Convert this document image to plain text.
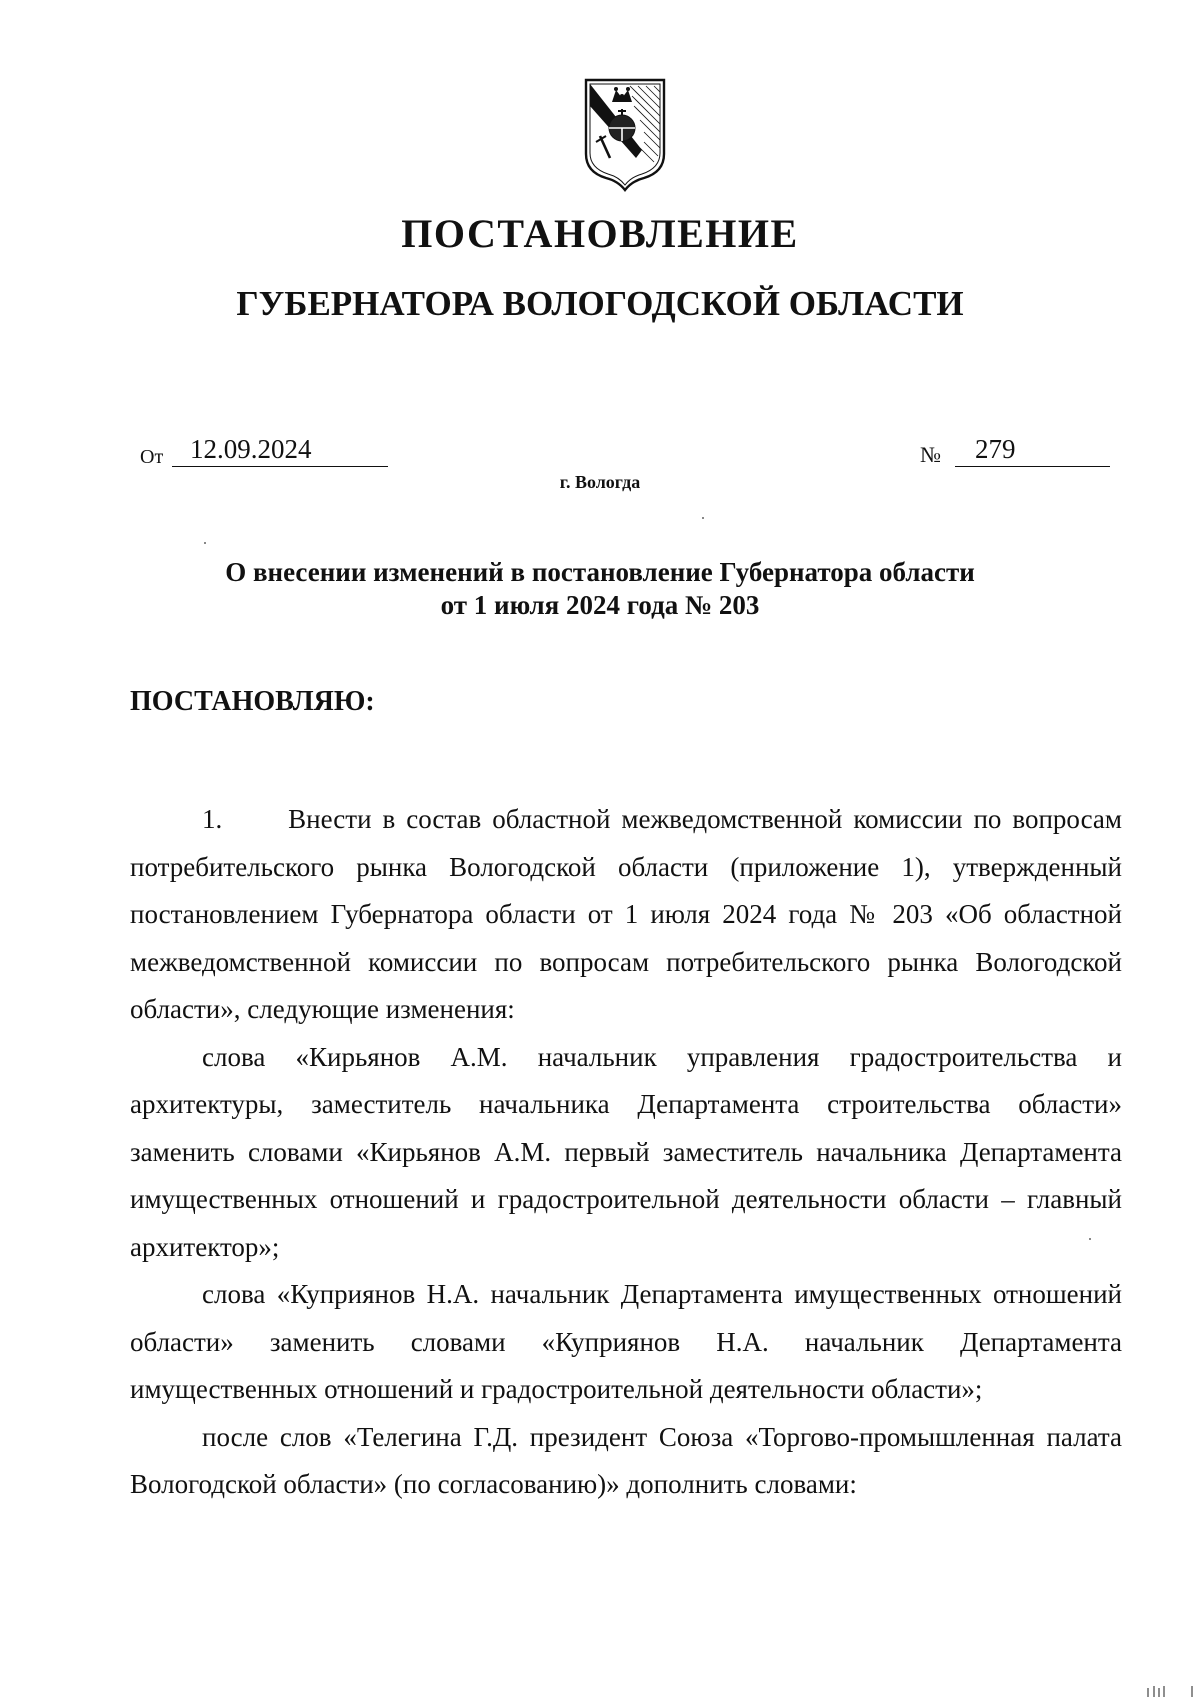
ПОСТАНОВЛЕНИЕ
ГУБЕРНАТОРА ВОЛОГОДСКОЙ ОБЛАСТИ
От 12.09.2024	№	279
г. Вологда
О внесении изменений в постановление Губернатора области
от 1 июля 2024 года № 203
ПОСТАНОВЛЯЮ:

1.      Внести в состав областной межведомственной комиссии по вопросам потребительского рынка Вологодской области (приложение 1), утвержденный постановлением Губернатора области от 1 июля 2024 года № 203 «Об областной межведомственной комиссии по вопросам потребительского рынка Вологодской области», следующие изменения:

слова «Кирьянов А.М. начальник управления градостроительства и архитектуры, заместитель начальника Департамента строительства области» заменить словами «Кирьянов А.М. первый заместитель начальника Департамента имущественных отношений и градостроительной деятельности области – главный архитектор»;

слова «Куприянов Н.А. начальник Департамента имущественных отношений области» заменить словами «Куприянов Н.А. начальник Департамента имущественных отношений и градостроительной деятельности области»;

после слов «Телегина Г.Д. президент Союза «Торгово-промышленная палата Вологодской области» (по согласованию)» дополнить словами:
